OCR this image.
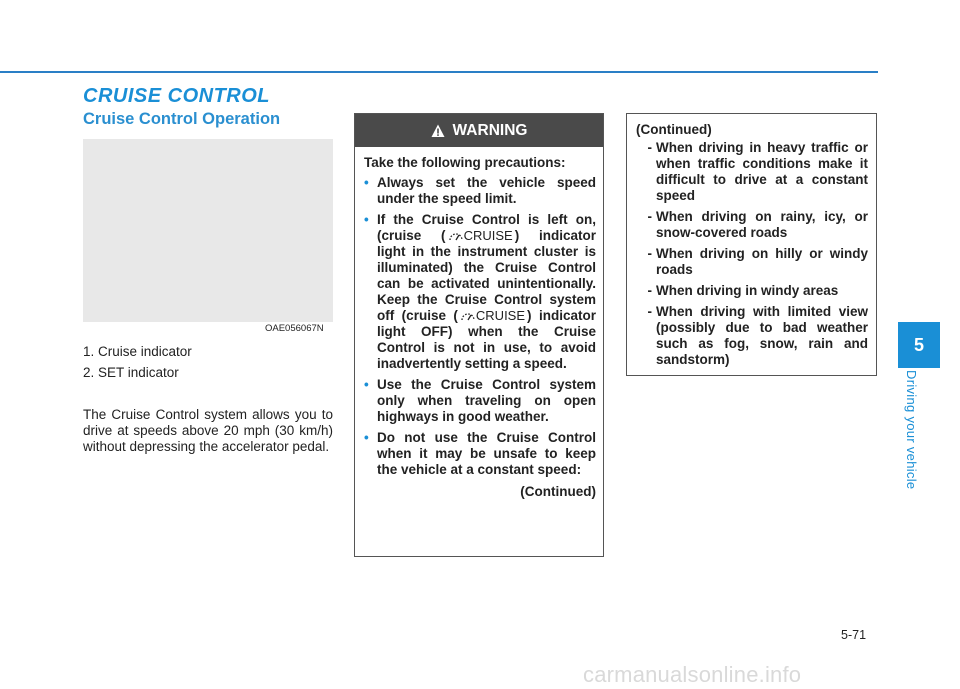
CRUISE CONTROL
Cruise Control Operation
OAE056067N
1. Cruise indicator
2. SET indicator
The Cruise Control system allows you to drive at speeds above 20 mph (30 km/h) without depressing the accelerator pedal.
WARNING

Take the following precautions:

• Always set the vehicle speed under the speed limit.
• If the Cruise Control is left on, (cruise ( CRUISE ) indicator light in the instrument cluster is illuminated) the Cruise Control can be activated unintentionally. Keep the Cruise Control system off (cruise ( CRUISE ) indicator light OFF) when the Cruise Control is not in use, to avoid inadvertently setting a speed.
• Use the Cruise Control system only when traveling on open highways in good weather.
• Do not use the Cruise Control when it may be unsafe to keep the vehicle at a constant speed:
(Continued)
(Continued)
- When driving in heavy traffic or when traffic conditions make it difficult to drive at a constant speed
- When driving on rainy, icy, or snow-covered roads
- When driving on hilly or windy roads
- When driving in windy areas
- When driving with limited view (possibly due to bad weather such as fog, snow, rain and sandstorm)
5
Driving your vehicle
5-71
carmanualsonline.info
